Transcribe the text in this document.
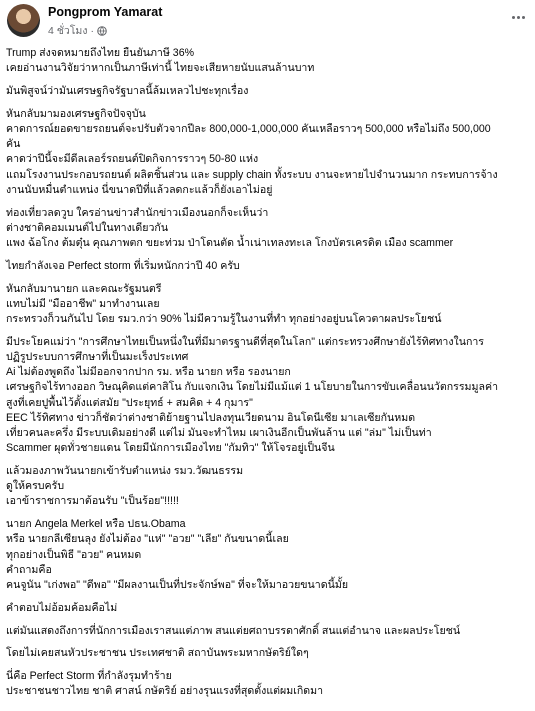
Pongprom Yamarat
4 ชั่วโมง ·
Trump ส่งจดหมายถึงไทย ยืนยันภาษี 36%
เคยอ่านงานวิจัยว่าหากเป็นภาษีเท่านี้ ไทยจะเสียหายนับแสนล้านบาท
มันพิสูจน์ว่ามันเศรษฐกิจรัฐบาลนี้ล้มเหลวไปชะทุกเรื่อง
หันกลับมามองเศรษฐกิจปัจจุบัน
คาดการณ์ยอดขายรถยนต์จะปรับตัวจากปีละ 800,000-1,000,000 คันเหลือราวๆ 500,000 หรือไม่ถึง 500,000
คัน
คาดว่าปีนี้จะมีดีลเลอร์รถยนต์ปิดกิจการราวๆ 50-80 แห่ง
แถมโรงงานประกอบรถยนต์ ผลิตชิ้นส่วน และ supply chain ทั้งระบบ งานจะหายไปจำนวนมาก กระทบการจ้าง
งานนับหมื่นตำแหน่ง นี่ขนาดปีที่แล้วลดกะแล้วก็ยังเอาไม่อยู่
ท่องเที่ยวลดวูบ ใครอ่านข่าวสำนักข่าวเมืองนอกก็จะเห็นว่า
ต่างชาติคอมเมนต์ไปในทางเดียวกัน
แพง ฉ้อโกง ต้มตุ๋น คุณภาพตก ขยะท่วม ป่าโดนตัด น้ำเน่าเทลงทะเล โกงบัตรเครดิต เมือง scammer
ไทยกำลังเจอ Perfect storm ที่เริ่มหนักกว่าปี 40 ครับ
หันกลับมานายก และคณะรัฐมนตรี
แทบไม่มี "มืออาชีพ" มาทำงานเลย
กระทรวงก็วนกันไป โดย รมว.กว่า 90% ไม่มีความรู้ในงานที่ทำ ทุกอย่างอยู่บนโควตาผลประโยชน์
มีประโยคแม่ว่า "การศึกษาไทยเป็นหนึ่งในที่มีมาตรฐานดีที่สุดในโลก" แต่กระทรวงศึกษายังไร้ทิศทางในการ
ปฏิรูประบบการศึกษาที่เป็นมะเร็งประเทศ
Ai ไม่ต้องพูดถึง ไม่มีออกจากปาก รม. หรือ นายก หรือ รองนายก
เศรษฐกิจไร้ทางออก วิษณุคิดแต่คาสิโน กับแจกเงิน โดยไม่มีแม้แต่ 1 นโยบายในการขับเคลื่อนนวัตกรรมมูลค่า
สูงที่เคยปูพื้นไว้ตั้งแต่สมัย "ประยุทธ์ + สมคิด + 4 กุมาร"
EEC ไร้ทิศทาง ข่าวก็ชัดว่าต่างชาติย้ายฐานไปลงทุนเวียดนาม อินโดนีเซีย มาเลเซียกันหมด
เที่ยวคนละครึ่ง มีระบบเดิมอย่างดี แต่ไม่ มันจะทำไหม เผาเงินอีกเป็นพันล้าน แต่ "ล่ม" ไม่เป็นท่า
Scammer ผุดทั่วชายแดน โดยมีนักการเมืองไทย "กัมทิว" ให้โจรอยู่เป็นจีน
แล้วมองภาพวันนายกเข้ารับตำแหน่ง รมว.วัฒนธรรม
ดูให้ครบครับ
เอาข้าราชการมาต้อนรับ "เป็นร้อย"!!!!!
นายก Angela Merkel หรือ ปธน.Obama
หรือ นายกลีเซียนลุง ยังไม่ต้อง "แห่" "อวย" "เลีย" กันขนาดนี้เลย
ทุกอย่างเป็นพิธี "อวย" คนหมด
คำถามคือ
คนจูนัน "เก่งพอ" "ดีพอ" "มีผลงานเป็นที่ประจักษ์พอ" ที่จะให้มาอวยขนาดนี้มั้ย
คำตอบไม่อ้อมค้อมคือไม่
แต่มันแสดงถึงการที่นักการเมืองเราสนแต่ภาพ สนแต่ยศถาบรรดาศักดิ์ สนแต่อำนาจ และผลประโยชน์
โดยไม่เคยสนหัวประชาชน ประเทศชาติ สถาบันพระมหากษัตริย์ใดๆ
นี่คือ Perfect Storm ที่กำลังรุมทำร้าย
ประชาชนชาวไทย ชาติ ศาสน์ กษัตริย์ อย่างรุนแรงที่สุดตั้งแต่ผมเกิดมา
